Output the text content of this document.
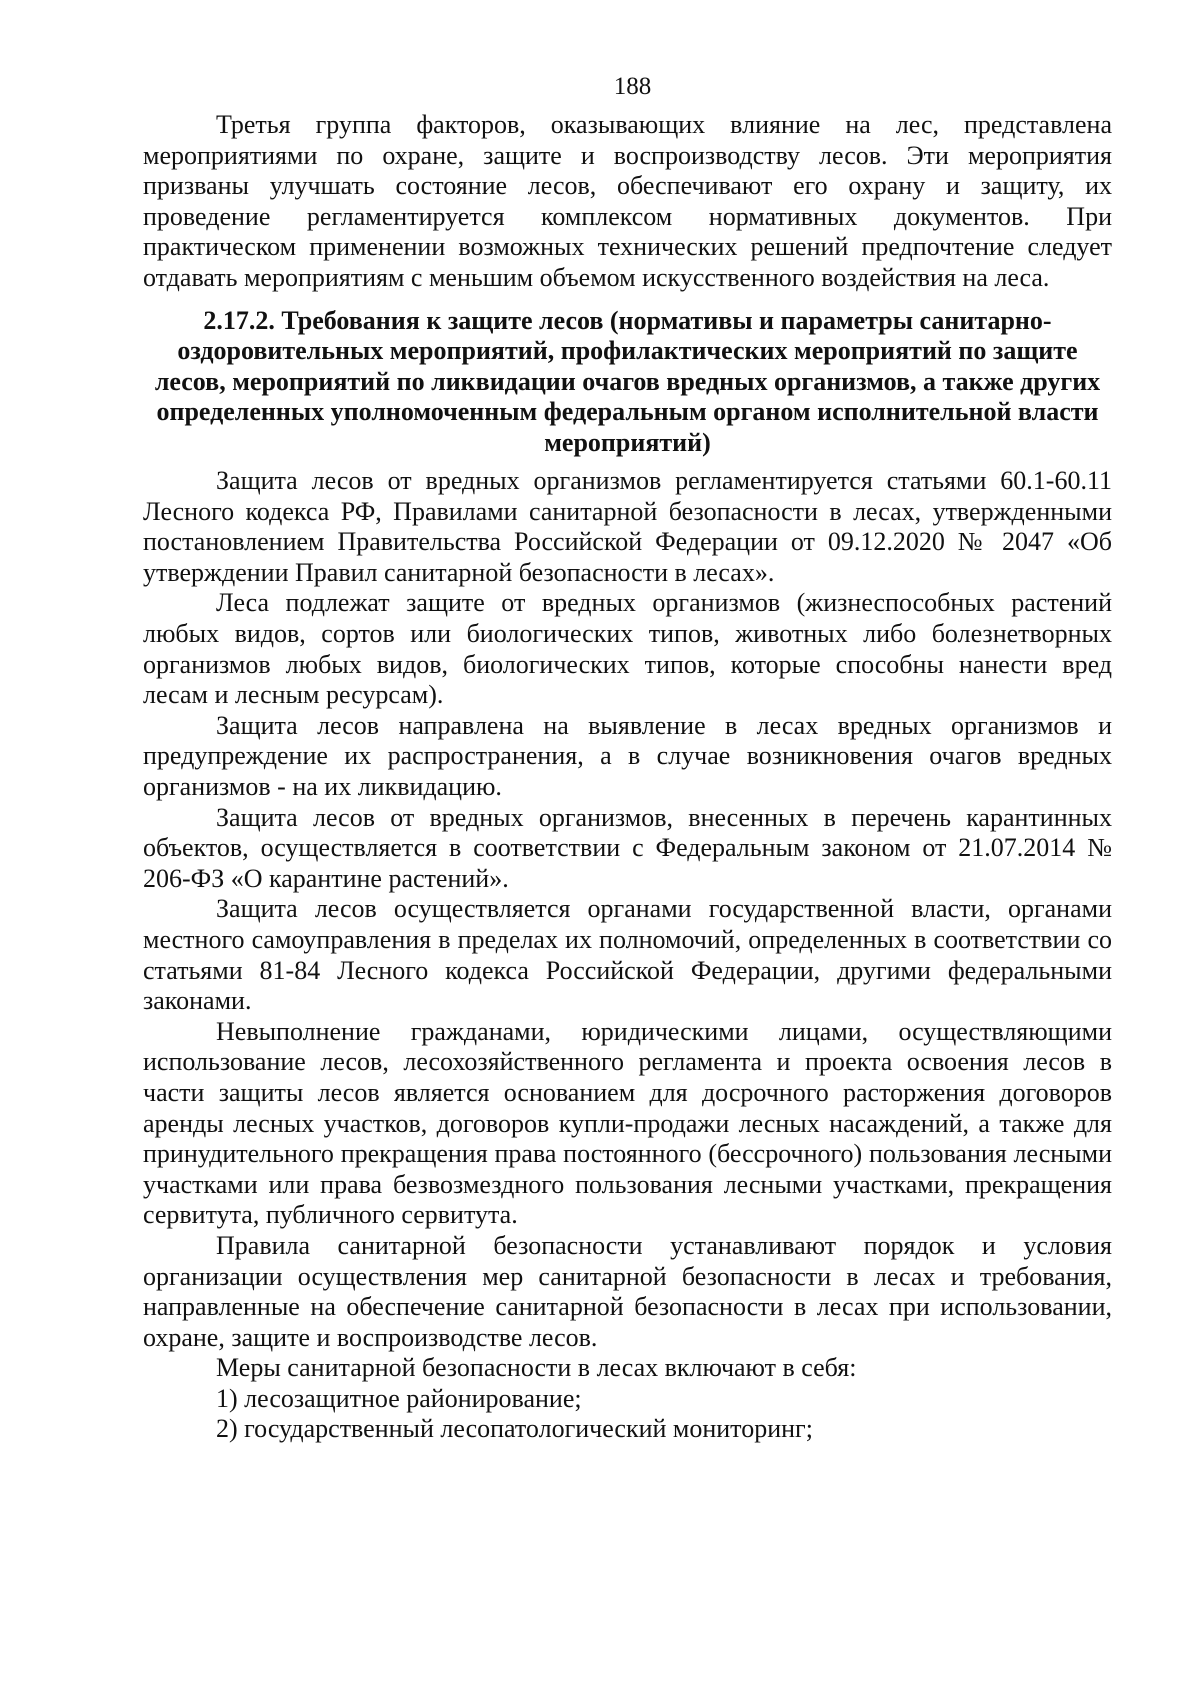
188

Третья группа факторов, оказывающих влияние на лес, представлена мероприятиями по охране, защите и воспроизводству лесов. Эти мероприятия призваны улучшать состояние лесов, обеспечивают его охрану и защиту, их проведение регламентируется комплексом нормативных документов. При практическом применении возможных технических решений предпочтение следует отдавать мероприятиям с меньшим объемом искусственного воздействия на леса.

2.17.2. Требования к защите лесов (нормативы и параметры санитарно-оздоровительных мероприятий, профилактических мероприятий по защите лесов, мероприятий по ликвидации очагов вредных организмов, а также других определенных уполномоченным федеральным органом исполнительной власти мероприятий)

Защита лесов от вредных организмов регламентируется статьями 60.1-60.11 Лесного кодекса РФ, Правилами санитарной безопасности в лесах, утвержденными постановлением Правительства Российской Федерации от 09.12.2020 № 2047 «Об утверждении Правил санитарной безопасности в лесах».

Леса подлежат защите от вредных организмов (жизнеспособных растений любых видов, сортов или биологических типов, животных либо болезнетворных организмов любых видов, биологических типов, которые способны нанести вред лесам и лесным ресурсам).

Защита лесов направлена на выявление в лесах вредных организмов и предупреждение их распространения, а в случае возникновения очагов вредных организмов - на их ликвидацию.

Защита лесов от вредных организмов, внесенных в перечень карантинных объектов, осуществляется в соответствии с Федеральным законом от 21.07.2014 № 206-ФЗ «О карантине растений».

Защита лесов осуществляется органами государственной власти, органами местного самоуправления в пределах их полномочий, определенных в соответствии со статьями 81-84 Лесного кодекса Российской Федерации, другими федеральными законами.

Невыполнение гражданами, юридическими лицами, осуществляющими использование лесов, лесохозяйственного регламента и проекта освоения лесов в части защиты лесов является основанием для досрочного расторжения договоров аренды лесных участков, договоров купли-продажи лесных насаждений, а также для принудительного прекращения права постоянного (бессрочного) пользования лесными участками или права безвозмездного пользования лесными участками, прекращения сервитута, публичного сервитута.

Правила санитарной безопасности устанавливают порядок и условия организации осуществления мер санитарной безопасности в лесах и требования, направленные на обеспечение санитарной безопасности в лесах при использовании, охране, защите и воспроизводстве лесов.

Меры санитарной безопасности в лесах включают в себя:

1) лесозащитное районирование;

2) государственный лесопатологический мониторинг;
